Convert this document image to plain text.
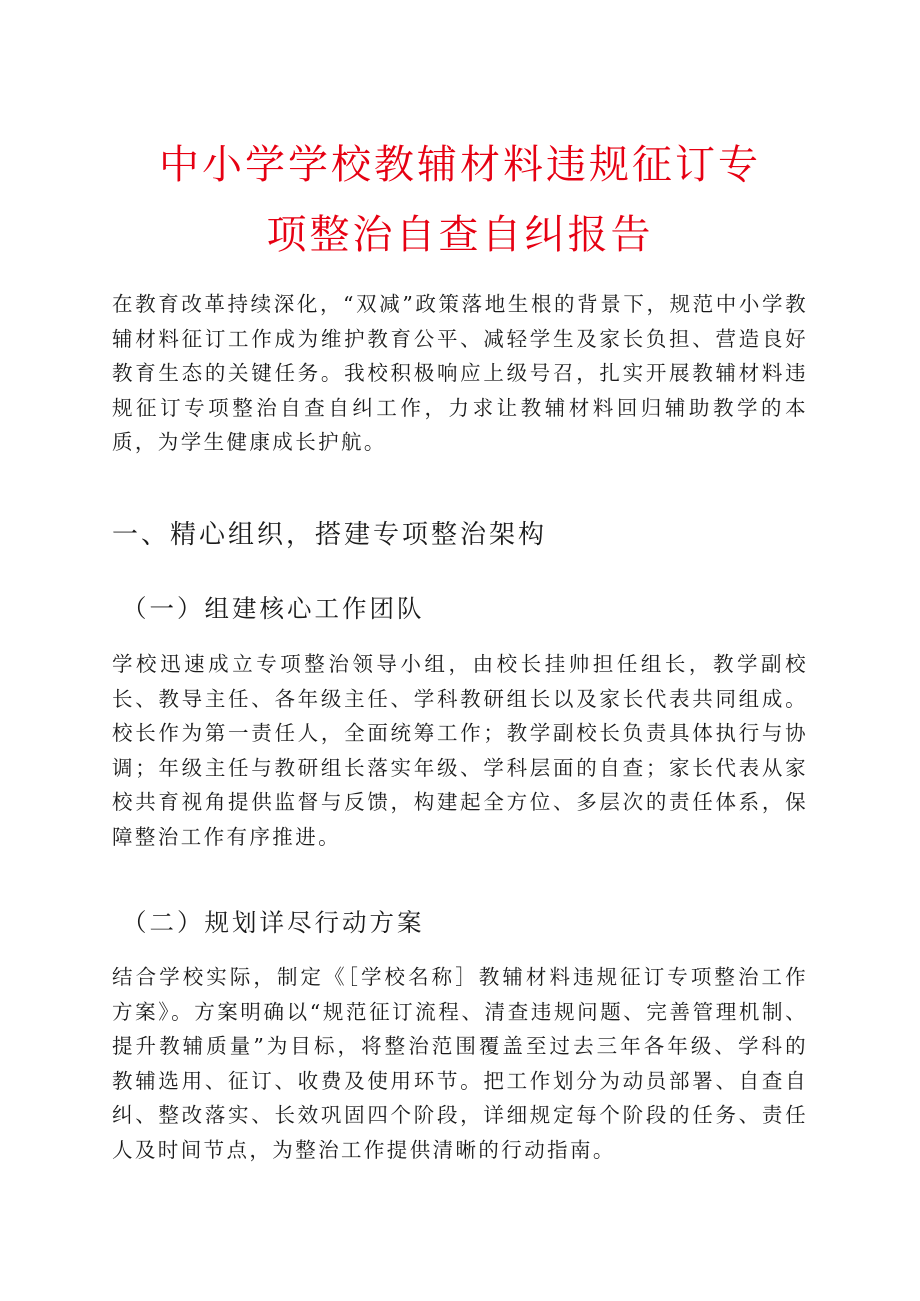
中小学学校教辅材料违规征订专
项整治自查自纠报告

在教育改革持续深化，“双减”政策落地生根的背景下，规范中小学教辅材料征订工作成为维护教育公平、减轻学生及家长负担、营造良好教育生态的关键任务。我校积极响应上级号召，扎实开展教辅材料违规征订专项整治自查自纠工作，力求让教辅材料回归辅助教学的本质，为学生健康成长护航。

一、精心组织，搭建专项整治架构
（一）组建核心工作团队

学校迅速成立专项整治领导小组，由校长挂帅担任组长，教学副校长、教导主任、各年级主任、学科教研组长以及家长代表共同组成。校长作为第一责任人，全面统筹工作；教学副校长负责具体执行与协调；年级主任与教研组长落实年级、学科层面的自查；家长代表从家校共育视角提供监督与反馈，构建起全方位、多层次的责任体系，保障整治工作有序推进。

（二）规划详尽行动方案

结合学校实际，制定《［学校名称］教辅材料违规征订专项整治工作方案》。方案明确以“规范征订流程、清查违规问题、完善管理机制、提升教辅质量”为目标，将整治范围覆盖至过去三年各年级、学科的教辅选用、征订、收费及使用环节。把工作划分为动员部署、自查自纠、整改落实、长效巩固四个阶段，详细规定每个阶段的任务、责任人及时间节点，为整治工作提供清晰的行动指南。
